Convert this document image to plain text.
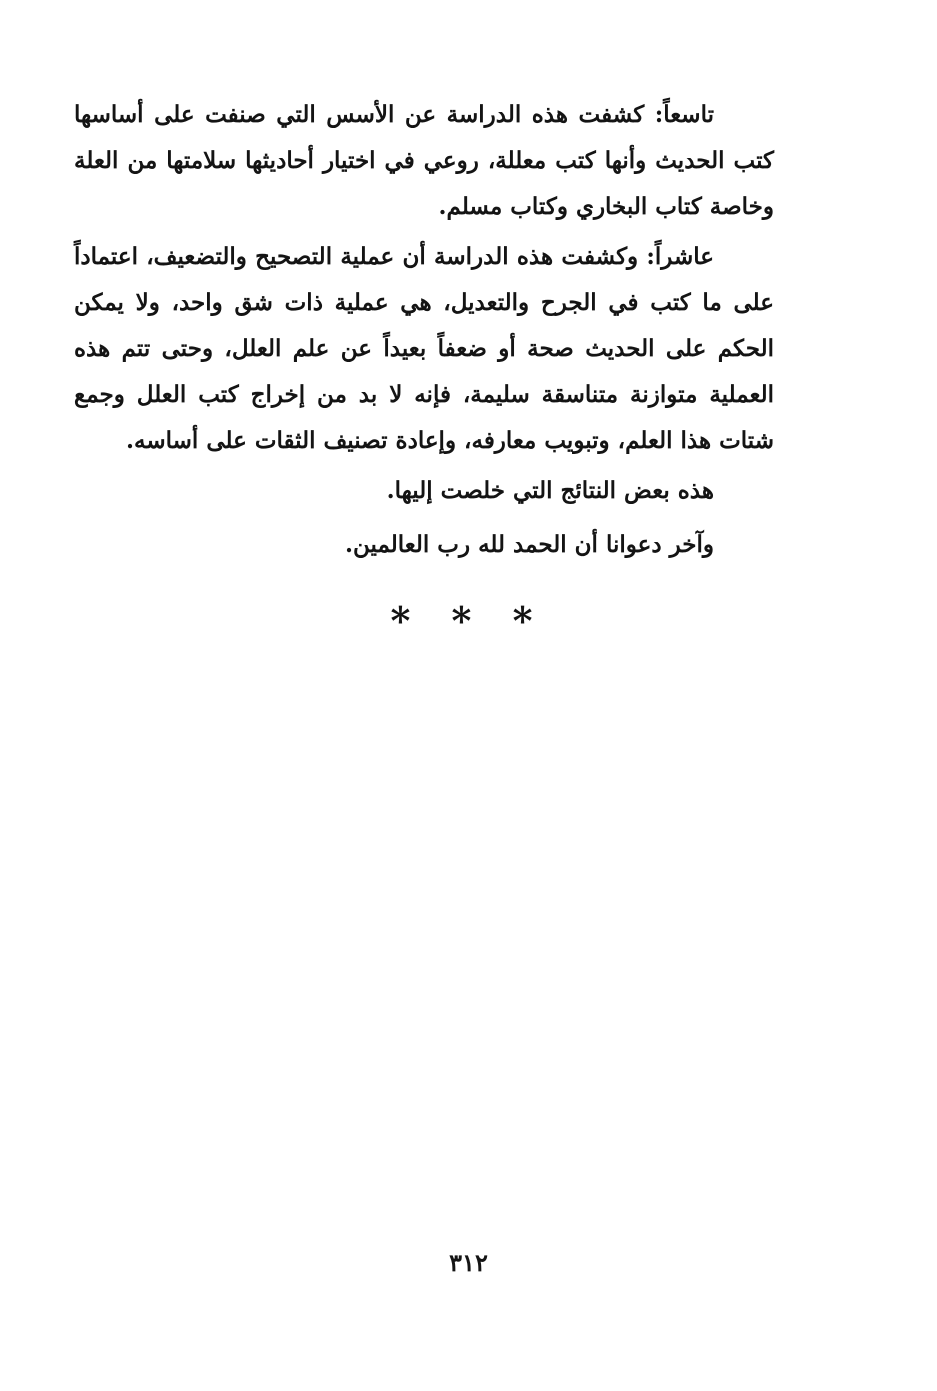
تاسعاً: كشفت هذه الدراسة عن الأسس التي صنفت على أساسها كتب الحديث وأنها كتب معللة، روعي في اختيار أحاديثها سلامتها من العلة وخاصة كتاب البخاري وكتاب مسلم.

عاشراً: وكشفت هذه الدراسة أن عملية التصحيح والتضعيف، اعتماداً على ما كتب في الجرح والتعديل، هي عملية ذات شق واحد، ولا يمكن الحكم على الحديث صحة أو ضعفاً بعيداً عن علم العلل، وحتى تتم هذه العملية متوازنة متناسقة سليمة، فإنه لا بد من إخراج كتب العلل وجمع شتات هذا العلم، وتبويب معارفه، وإعادة تصنيف الثقات على أساسه.

هذه بعض النتائج التي خلصت إليها.

وآخر دعوانا أن الحمد لله رب العالمين.

* * *
٣١٢
